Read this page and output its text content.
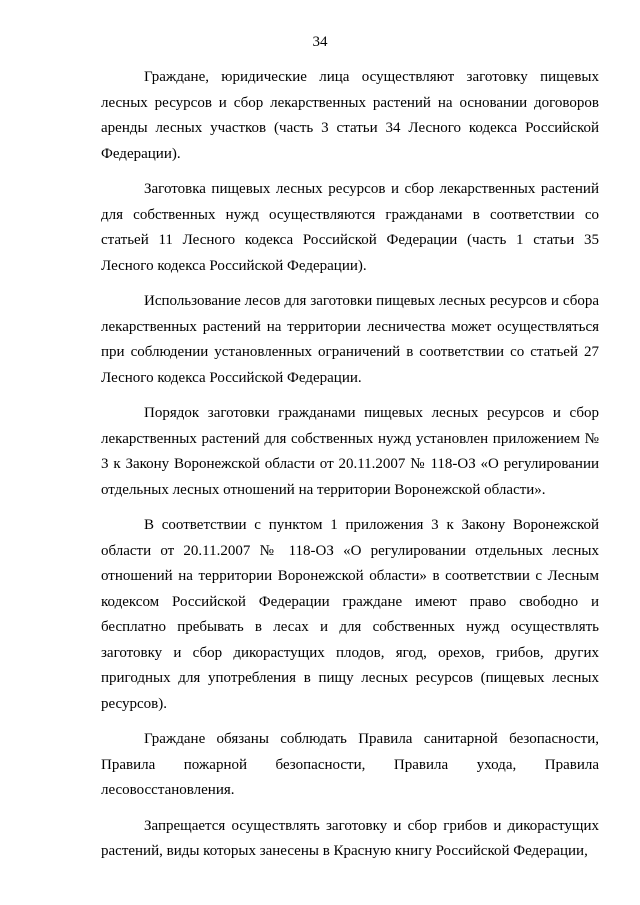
34

Граждане, юридические лица осуществляют заготовку пищевых лесных ресурсов и сбор лекарственных растений на основании договоров аренды лесных участков (часть 3 статьи 34 Лесного кодекса Российской Федерации).

Заготовка пищевых лесных ресурсов и сбор лекарственных растений для собственных нужд осуществляются гражданами в соответствии со статьей 11 Лесного кодекса Российской Федерации (часть 1 статьи 35 Лесного кодекса Российской Федерации).

Использование лесов для заготовки пищевых лесных ресурсов и сбора лекарственных растений на территории лесничества может осуществляться при соблюдении установленных ограничений в соответствии со статьей 27 Лесного кодекса Российской Федерации.

Порядок заготовки гражданами пищевых лесных ресурсов и сбор лекарственных растений для собственных нужд установлен приложением № 3 к Закону Воронежской области от 20.11.2007 № 118-ОЗ «О регулировании отдельных лесных отношений на территории Воронежской области».

В соответствии с пунктом 1 приложения 3 к Закону Воронежской области от 20.11.2007 № 118-ОЗ «О регулировании отдельных лесных отношений на территории Воронежской области» в соответствии с Лесным кодексом Российской Федерации граждане имеют право свободно и бесплатно пребывать в лесах и для собственных нужд осуществлять заготовку и сбор дикорастущих плодов, ягод, орехов, грибов, других пригодных для употребления в пищу лесных ресурсов (пищевых лесных ресурсов).

Граждане обязаны соблюдать Правила санитарной безопасности, Правила пожарной безопасности, Правила ухода, Правила лесовосстановления.

Запрещается осуществлять заготовку и сбор грибов и дикорастущих растений, виды которых занесены в Красную книгу Российской Федерации,
